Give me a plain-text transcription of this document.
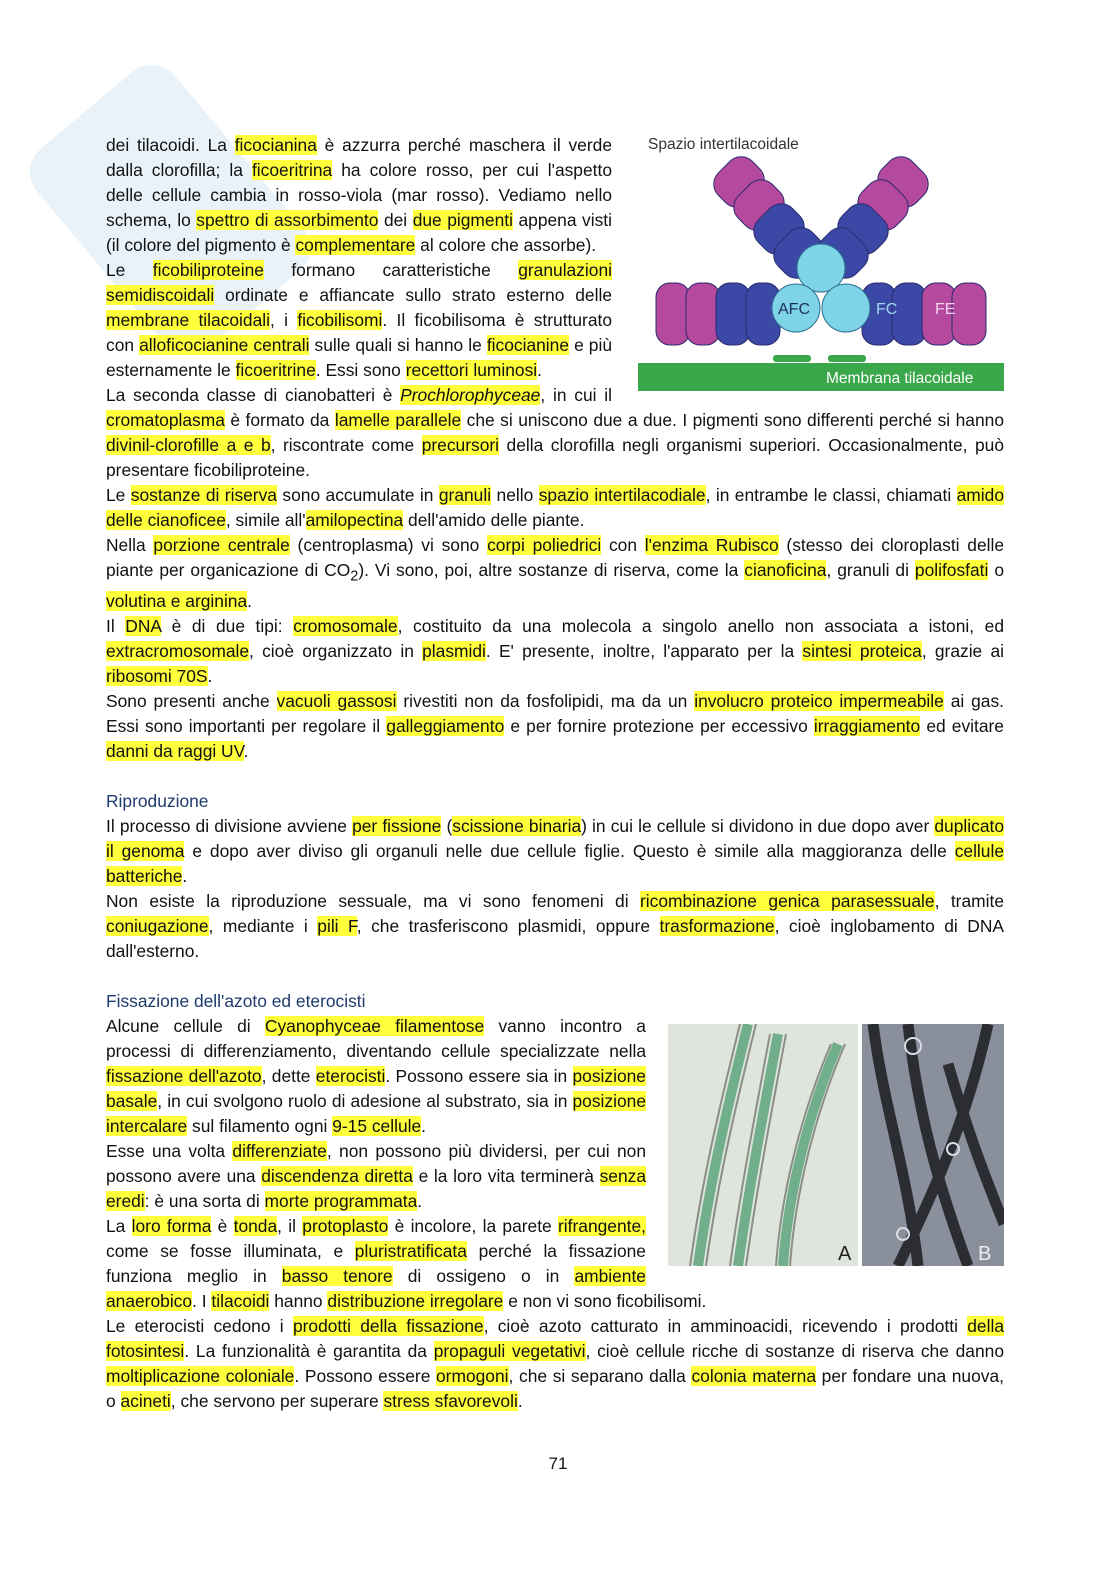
Spazio intertilacoidale
Membrana tilacoidale
AFC	FC FE

dei tilacoidi. La ficocianina è azzurra perché maschera il verde dalla clorofilla; la ficoeritrina ha colore rosso, per cui l'aspetto delle cellule cambia in rosso-viola (mar rosso). Vediamo nello schema, lo spettro di assorbimento dei due pigmenti appena visti (il colore del pigmento è complementare al colore che assorbe).

Le ficobiliproteine formano caratteristiche granulazioni semidiscoidali ordinate e affiancate sullo strato esterno delle membrane tilacoidali, i ficobilisomi. Il ficobilisoma è strutturato con alloficocianine centrali sulle quali si hanno le ficocianine e più esternamente le ficoeritrine. Essi sono recettori luminosi.

La seconda classe di cianobatteri è Prochlorophyceae, in cui il cromatoplasma è formato da lamelle parallele che si uniscono due a due. I pigmenti sono differenti perché si hanno divinil-clorofille a e b, riscontrate come precursori della clorofilla negli organismi superiori. Occasionalmente, può presentare ficobiliproteine.

Le sostanze di riserva sono accumulate in granuli nello spazio intertilacodiale, in entrambe le classi, chiamati amido delle cianoficee, simile all'amilopectina dell'amido delle piante.

Nella porzione centrale (centroplasma) vi sono corpi poliedrici con l'enzima Rubisco (stesso dei cloroplasti delle piante per organicazione di $CO_2$). Vi sono, poi, altre sostanze di riserva, come la cianoficina, granuli di polifosfati o volutina e arginina.

Il DNA è di due tipi: cromosomale, costituito da una molecola a singolo anello non associata a istoni, ed extracromosomale, cioè organizzato in plasmidi. E' presente, inoltre, l'apparato per la sintesi proteica, grazie ai ribosomi 70S.

Sono presenti anche vacuoli gassosi rivestiti non da fosfolipidi, ma da un involucro proteico impermeabile ai gas. Essi sono importanti per regolare il galleggiamento e per fornire protezione per eccessivo irraggiamento ed evitare danni da raggi UV.

Riproduzione

Il processo di divisione avviene per fissione (scissione binaria) in cui le cellule si dividono in due dopo aver duplicato il genoma e dopo aver diviso gli organuli nelle due cellule figlie. Questo è simile alla maggioranza delle cellule batteriche.

Non esiste la riproduzione sessuale, ma vi sono fenomeni di ricombinazione genica parasessuale, tramite coniugazione, mediante i pili F, che trasferiscono plasmidi, oppure trasformazione, cioè inglobamento di DNA dall'esterno.

Fissazione dell'azoto ed eterocisti
A	B

Alcune cellule di Cyanophyceae filamentose vanno incontro a processi di differenziamento, diventando cellule specializzate nella fissazione dell'azoto, dette eterocisti. Possono essere sia in posizione basale, in cui svolgono ruolo di adesione al substrato, sia in posizione intercalare sul filamento ogni 9-15 cellule.

Esse una volta differenziate, non possono più dividersi, per cui non possono avere una discendenza diretta e la loro vita terminerà senza eredi: è una sorta di morte programmata.

La loro forma è tonda, il protoplasto è incolore, la parete rifrangente, come se fosse illuminata, e pluristratificata perché la fissazione funziona meglio in basso tenore di ossigeno o in ambiente anaerobico. I tilacoidi hanno distribuzione irregolare e non vi sono ficobilisomi.

Le eterocisti cedono i prodotti della fissazione, cioè azoto catturato in amminoacidi, ricevendo i prodotti della fotosintesi. La funzionalità è garantita da propaguli vegetativi, cioè cellule ricche di sostanze di riserva che danno moltiplicazione coloniale. Possono essere ormogoni, che si separano dalla colonia materna per fondare una nuova, o acineti, che servono per superare stress sfavorevoli.

71
